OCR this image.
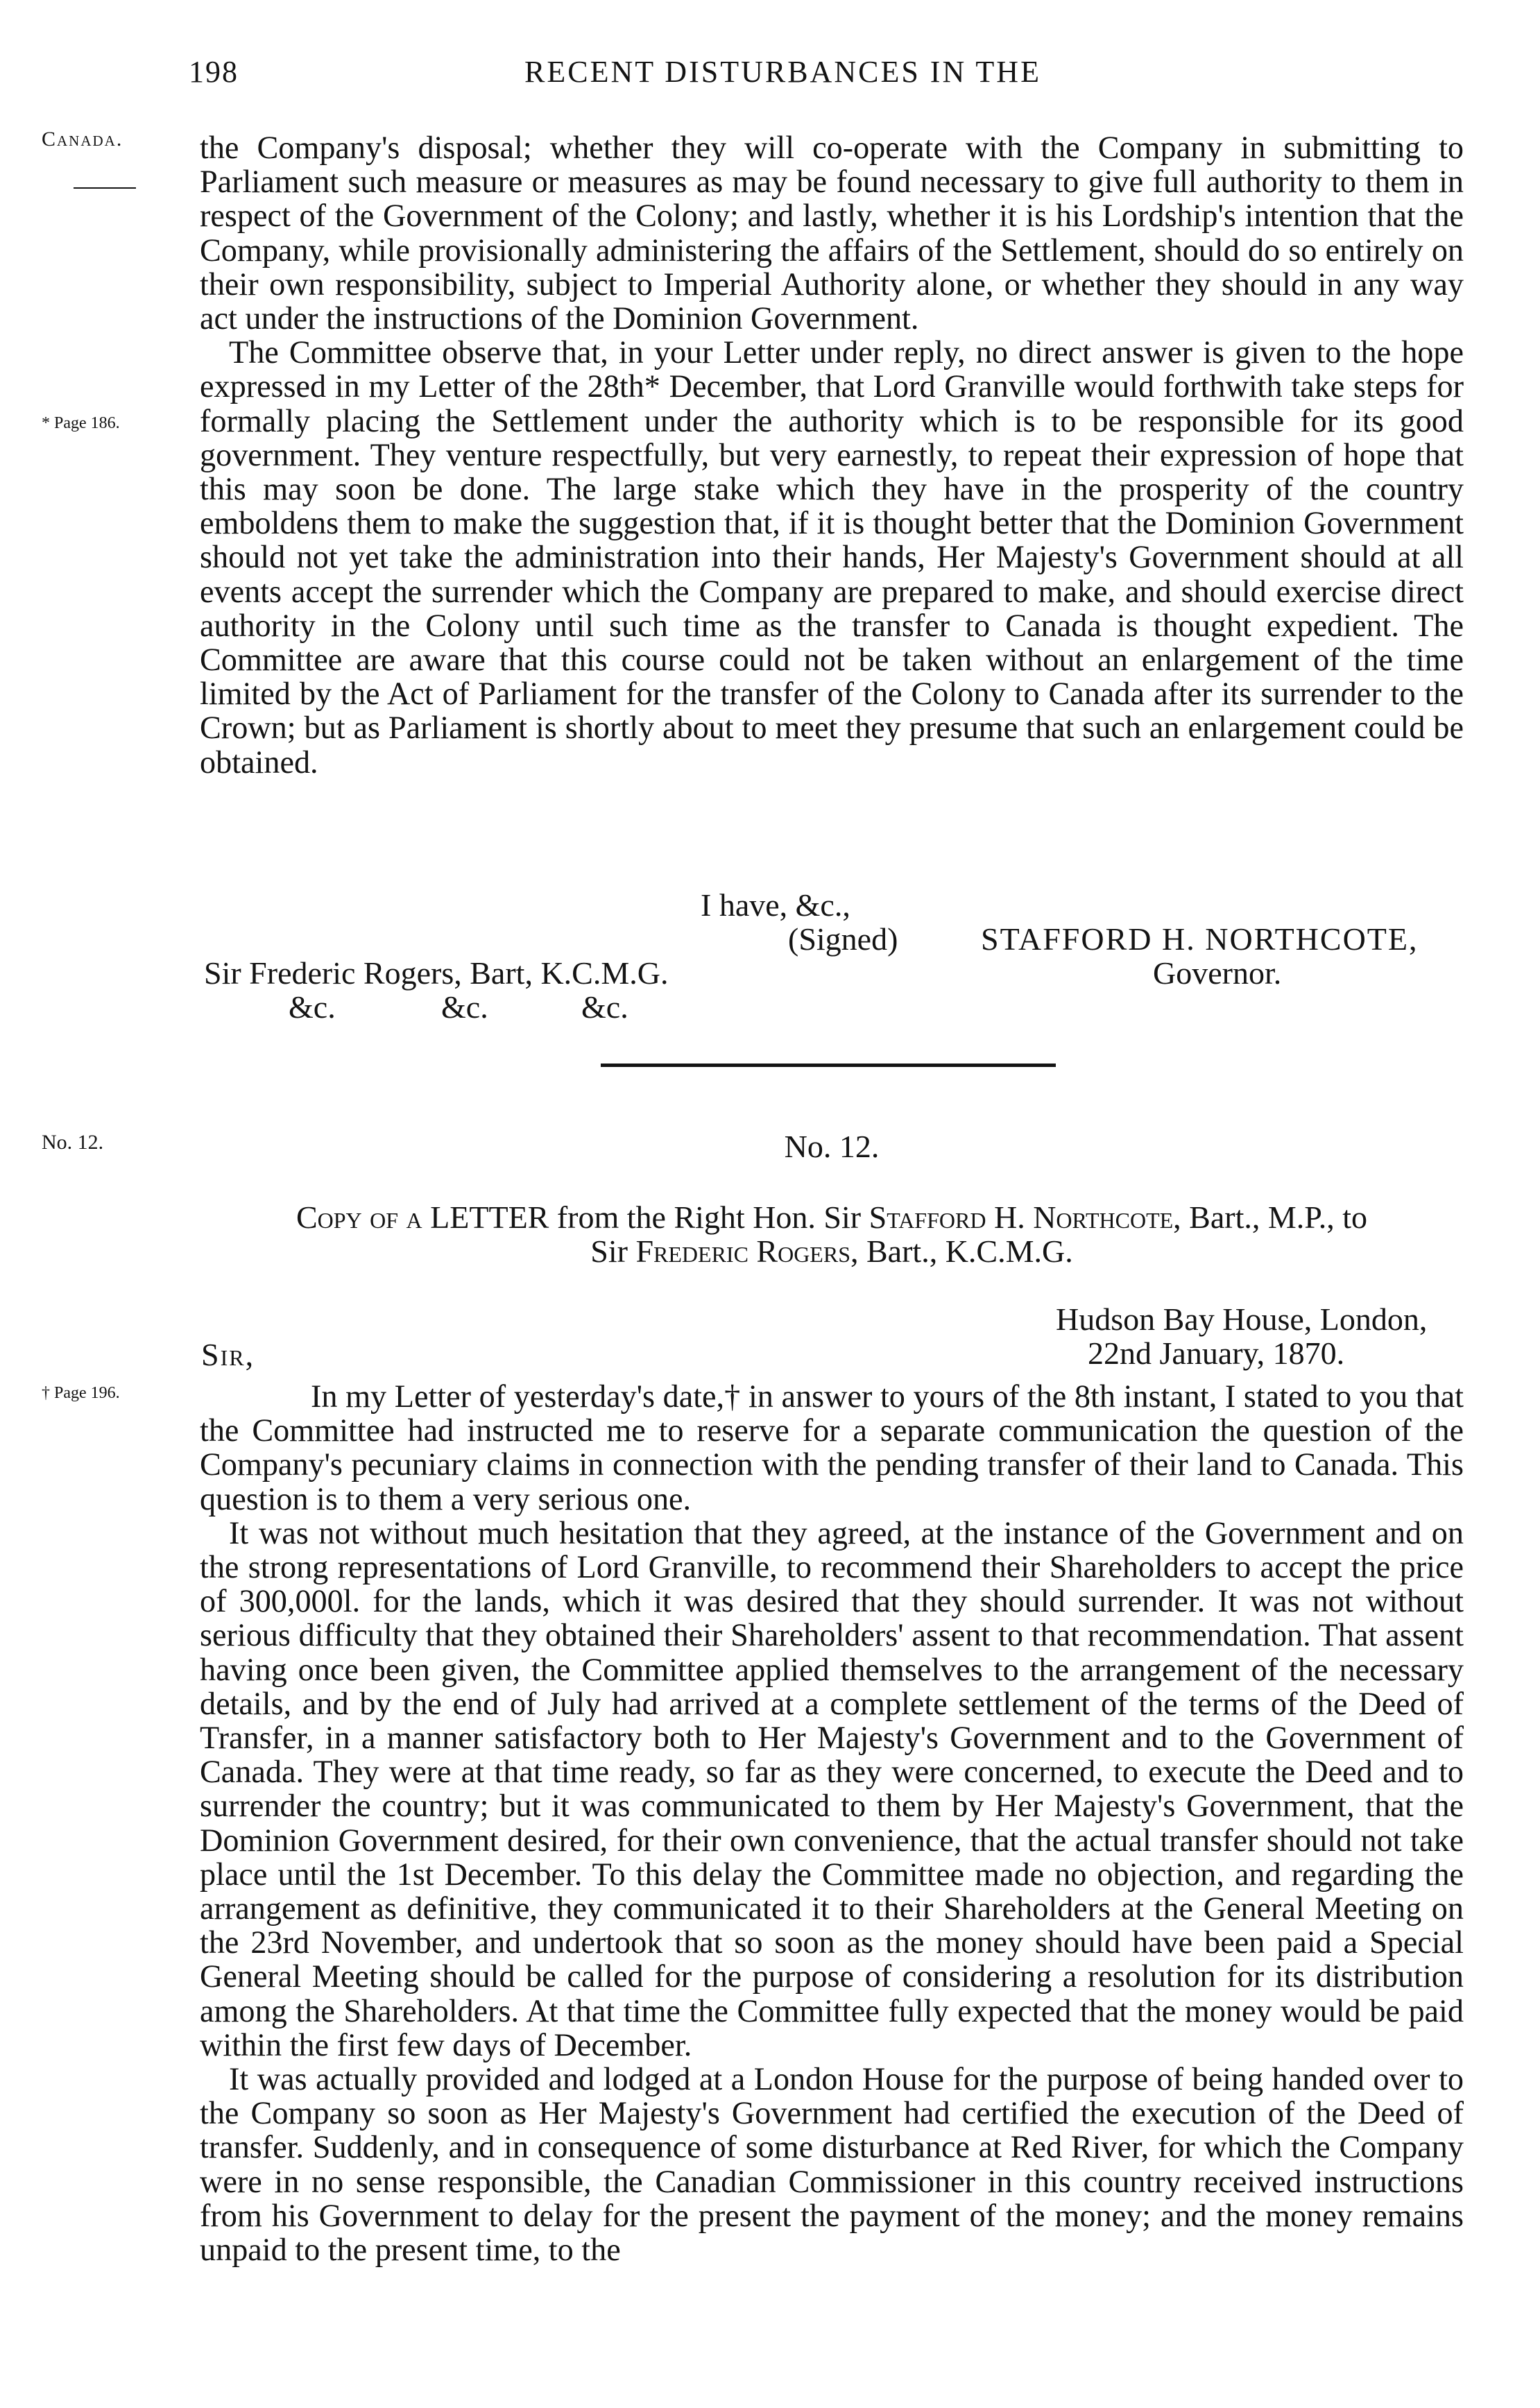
198	RECENT DISTURBANCES IN THE
Canada.
* Page 186.

the Company's disposal; whether they will co-operate with the Company in submitting to Parliament such measure or measures as may be found necessary to give full authority to them in respect of the Government of the Colony; and lastly, whether it is his Lordship's intention that the Company, while provisionally administering the affairs of the Settlement, should do so entirely on their own responsibility, subject to Imperial Authority alone, or whether they should in any way act under the instructions of the Dominion Government.

The Committee observe that, in your Letter under reply, no direct answer is given to the hope expressed in my Letter of the 28th* December, that Lord Granville would forthwith take steps for formally placing the Settlement under the authority which is to be responsible for its good government. They venture respectfully, but very earnestly, to repeat their expression of hope that this may soon be done. The large stake which they have in the prosperity of the country emboldens them to make the suggestion that, if it is thought better that the Dominion Government should not yet take the administration into their hands, Her Majesty's Government should at all events accept the surrender which the Company are prepared to make, and should exercise direct authority in the Colony until such time as the transfer to Canada is thought expedient. The Committee are aware that this course could not be taken without an enlargement of the time limited by the Act of Parliament for the transfer of the Colony to Canada after its surrender to the Crown; but as Parliament is shortly about to meet they presume that such an enlargement could be obtained.

I have, &c.,
(Signed)	STAFFORD H. NORTHCOTE,
Sir Frederic Rogers, Bart, K.C.M.G.	Governor.
&c.	&c.	&c.
No. 12.	No. 12.
Copy of a LETTER from the Right Hon. Sir Stafford H. Northcote, Bart., M.P., to
Sir Frederic Rogers, Bart., K.C.M.G.
Hudson Bay House, London,
22nd January, 1870.
Sir,
† Page 196.	In my Letter of yesterday's date,† in answer to yours of the 8th instant, I stated to you that the Committee had instructed me to reserve for a separate communication the question of the Company's pecuniary claims in connection with the pending transfer of their land to Canada. This question is to them a very serious one.

It was not without much hesitation that they agreed, at the instance of the Government and on the strong representations of Lord Granville, to recommend their Shareholders to accept the price of 300,000l. for the lands, which it was desired that they should surrender. It was not without serious difficulty that they obtained their Shareholders' assent to that recommendation. That assent having once been given, the Committee applied themselves to the arrangement of the necessary details, and by the end of July had arrived at a complete settlement of the terms of the Deed of Transfer, in a manner satisfactory both to Her Majesty's Government and to the Government of Canada. They were at that time ready, so far as they were concerned, to execute the Deed and to surrender the country; but it was communicated to them by Her Majesty's Government, that the Dominion Government desired, for their own convenience, that the actual transfer should not take place until the 1st December. To this delay the Committee made no objection, and regarding the arrangement as definitive, they communicated it to their Shareholders at the General Meeting on the 23rd November, and undertook that so soon as the money should have been paid a Special General Meeting should be called for the purpose of considering a resolution for its distribution among the Shareholders. At that time the Committee fully expected that the money would be paid within the first few days of December.

It was actually provided and lodged at a London House for the purpose of being handed over to the Company so soon as Her Majesty's Government had certified the execution of the Deed of transfer. Suddenly, and in consequence of some disturbance at Red River, for which the Company were in no sense responsible, the Canadian Commissioner in this country received instructions from his Government to delay for the present the payment of the money; and the money remains unpaid to the present time, to the
